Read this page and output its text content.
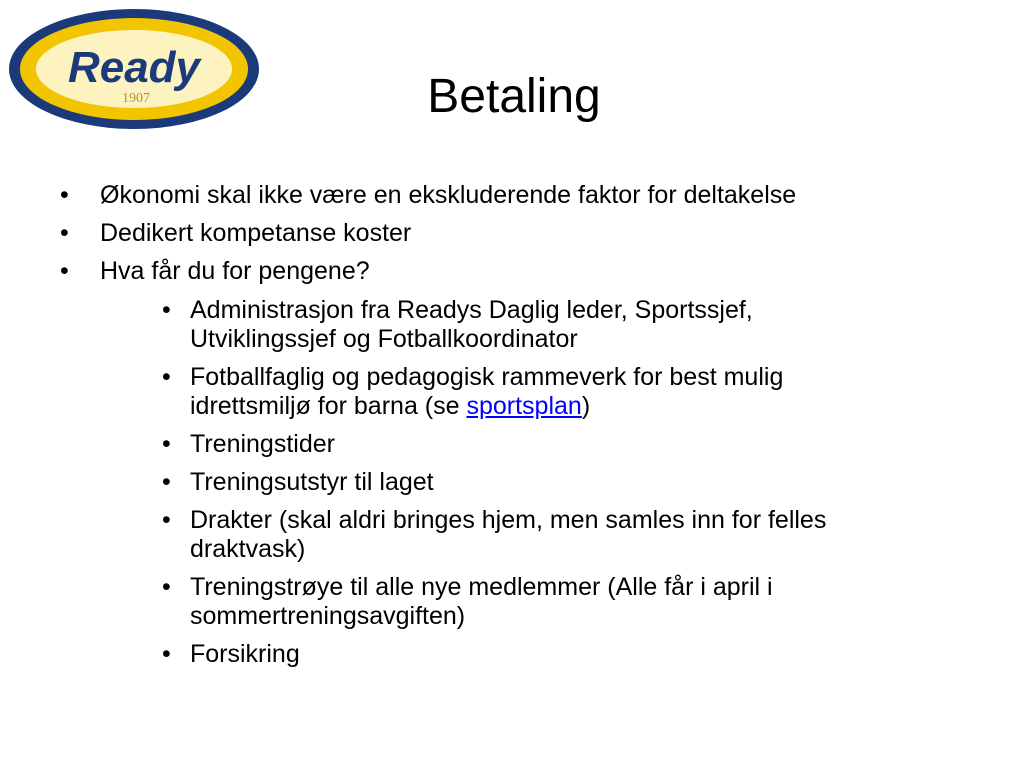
Ready
1907	Betaling
• Økonomi skal ikke være en ekskluderende faktor for deltakelse
• Dedikert kompetanse koster
• Hva får du for pengene?
• Administrasjon fra Readys Daglig leder, Sportssjef,
Utviklingssjef og Fotballkoordinator
• Fotballfaglig og pedagogisk rammeverk for best mulig
idrettsmiljø for barna (se sportsplan)
• Treningstider
• Treningsutstyr til laget
• Drakter (skal aldri bringes hjem, men samles inn for felles
draktvask)
• Treningstrøye til alle nye medlemmer (Alle får i april i
sommertreningsavgiften)
• Forsikring
